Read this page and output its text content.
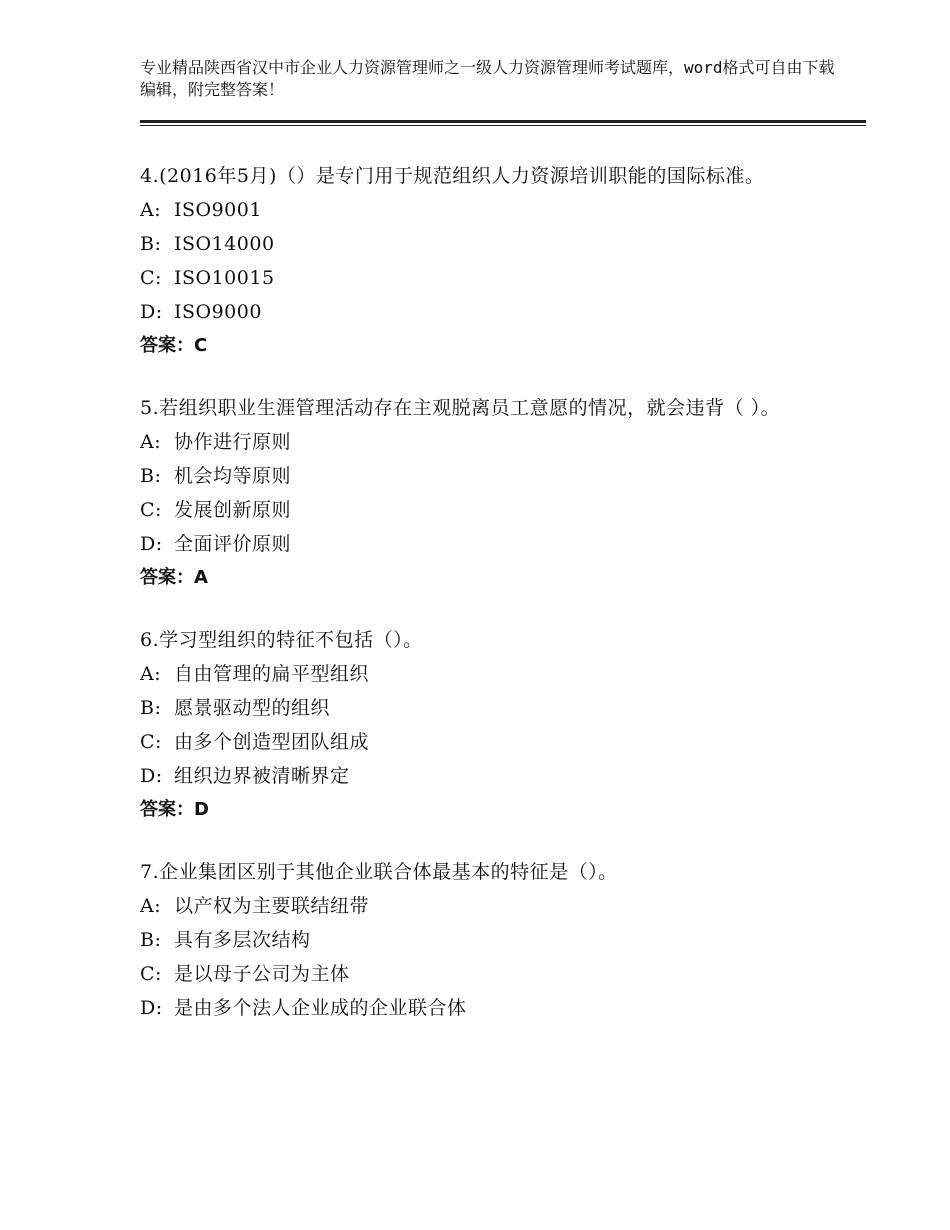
专业精品陕西省汉中市企业人力资源管理师之一级人力资源管理师考试题库，word格式可自由下载编辑，附完整答案！

4.(2016年5月)（）是专门用于规范组织人力资源培训职能的国际标准。

A: ISO9001

B: ISO14000

C: ISO10015

D: ISO9000

答案：C

5.若组织职业生涯管理活动存在主观脱离员工意愿的情况，就会违背（ ）。

A: 协作进行原则

B: 机会均等原则

C: 发展创新原则

D: 全面评价原则

答案：A

6.学习型组织的特征不包括（）。

A: 自由管理的扁平型组织

B: 愿景驱动型的组织

C: 由多个创造型团队组成

D: 组织边界被清晰界定

答案：D

7.企业集团区别于其他企业联合体最基本的特征是（）。

A: 以产权为主要联结纽带

B: 具有多层次结构

C: 是以母子公司为主体

D: 是由多个法人企业成的企业联合体
